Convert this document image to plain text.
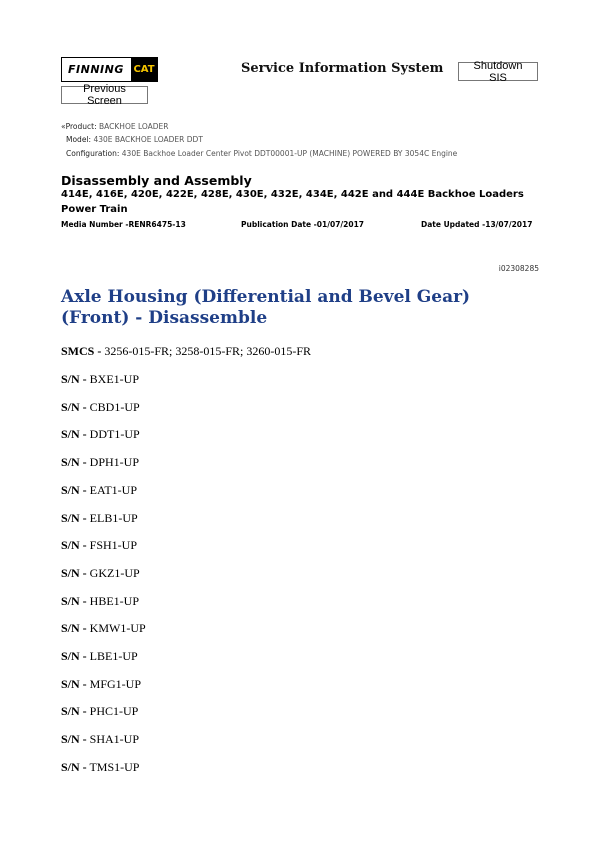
FINNING CAT	Service Information System	Shutdown SIS
Previous Screen
«Product: BACKHOE LOADER
Model: 430E BACKHOE LOADER DDT
Configuration: 430E Backhoe Loader Center Pivot DDT00001-UP (MACHINE) POWERED BY 3054C Engine
Disassembly and Assembly
414E, 416E, 420E, 422E, 428E, 430E, 432E, 434E, 442E and 444E Backhoe Loaders
Power Train
Media Number -RENR6475-13	Publication Date -01/07/2017	Date Updated -13/07/2017
i02308285
Axle Housing (Differential and Bevel Gear) (Front) - Disassemble
SMCS - 3256-015-FR; 3258-015-FR; 3260-015-FR
S/N - BXE1-UP
S/N - CBD1-UP
S/N - DDT1-UP
S/N - DPH1-UP
S/N - EAT1-UP
S/N - ELB1-UP
S/N - FSH1-UP
S/N - GKZ1-UP
S/N - HBE1-UP
S/N - KMW1-UP
S/N - LBE1-UP
S/N - MFG1-UP
S/N - PHC1-UP
S/N - SHA1-UP
S/N - TMS1-UP
